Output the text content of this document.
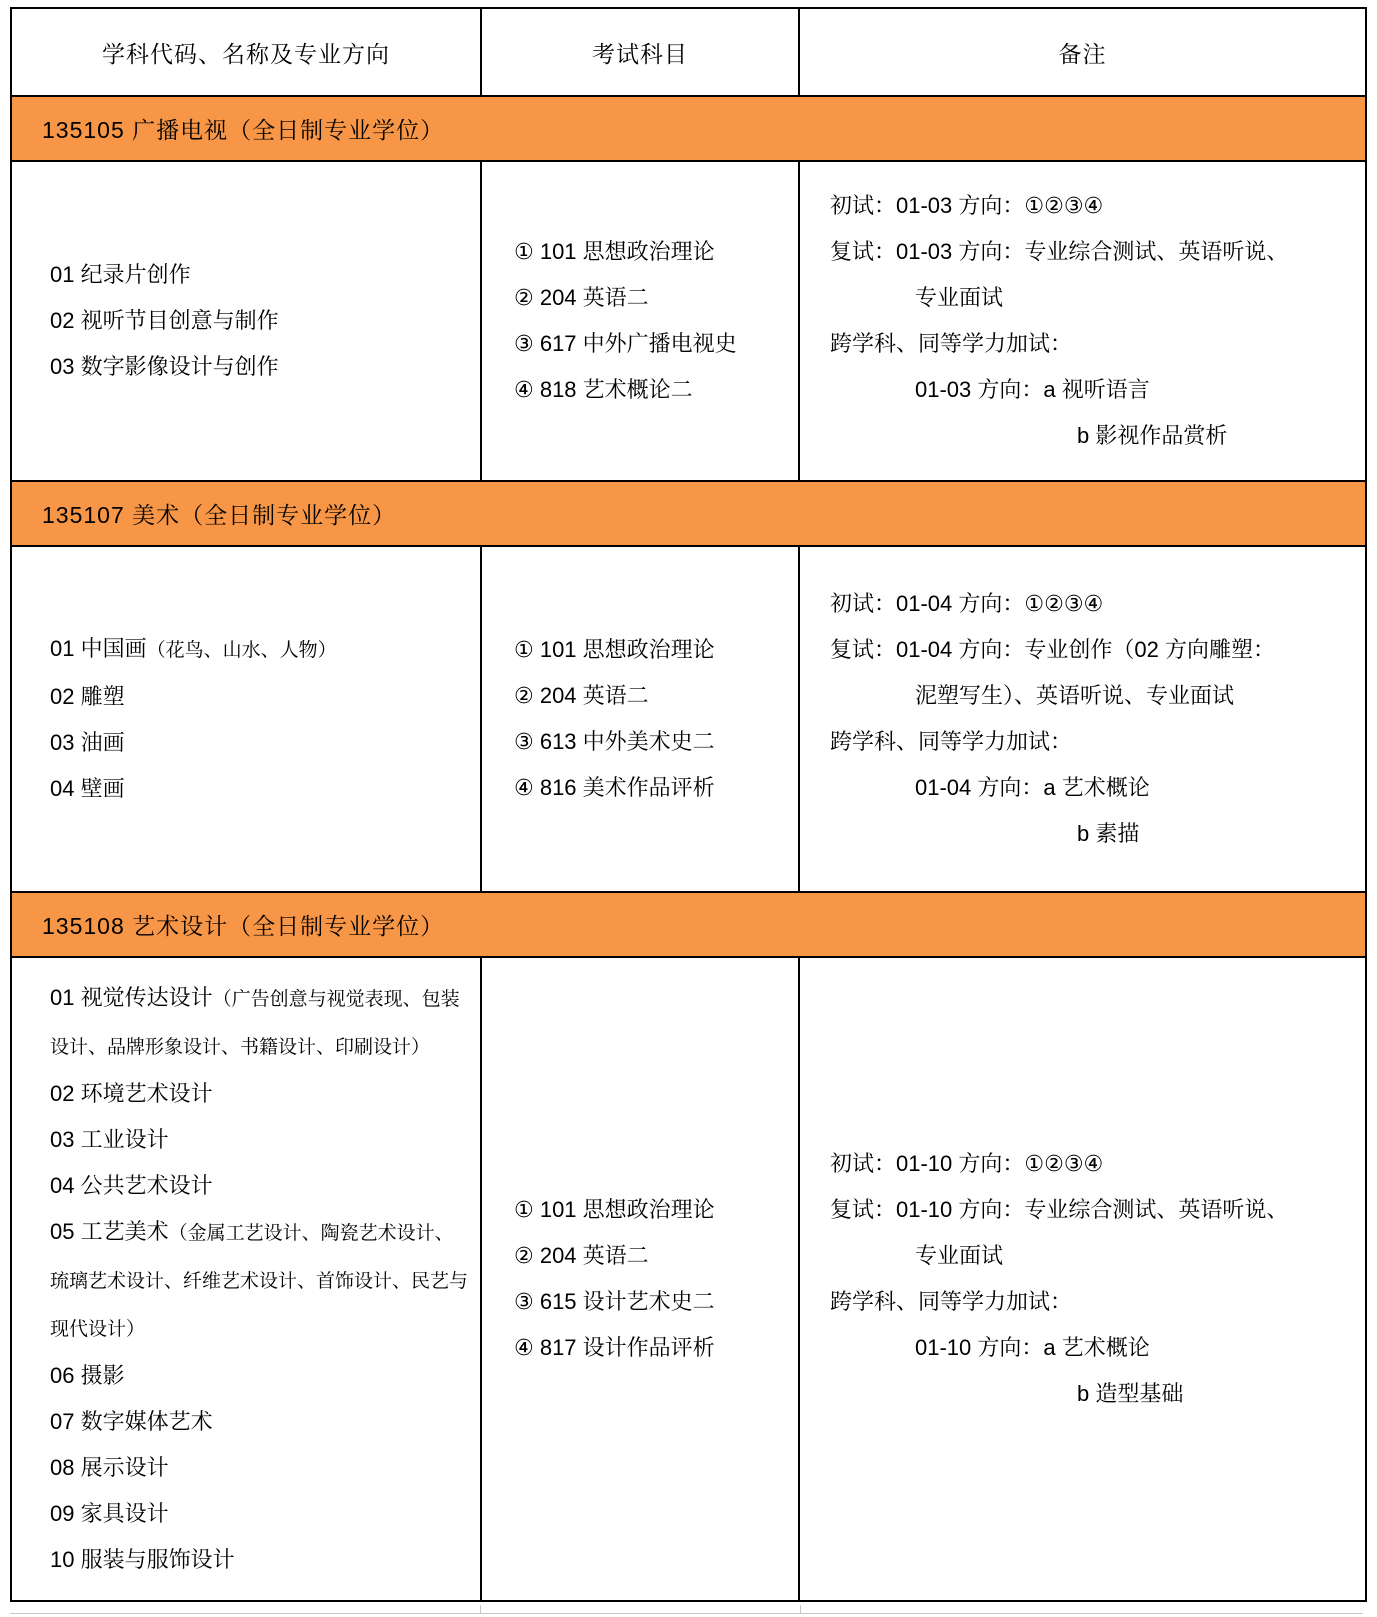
学科代码、名称及专业方向	考试科目	备注
135105 广播电视（全日制专业学位）
01 纪录片创作
02 视听节目创意与制作
03 数字影像设计与创作
① 101 思想政治理论
② 204 英语二
③ 617 中外广播电视史
④ 818 艺术概论二
初试：01-03 方向：①②③④
复试：01-03 方向：专业综合测试、英语听说、
专业面试
跨学科、同等学力加试：
01-03 方向：a 视听语言
b 影视作品赏析
135107 美术（全日制专业学位）
01 中国画（花鸟、山水、人物）
02 雕塑
03 油画
04 壁画
① 101 思想政治理论
② 204 英语二
③ 613 中外美术史二
④ 816 美术作品评析
初试：01-04 方向：①②③④
复试：01-04 方向：专业创作（02 方向雕塑：
泥塑写生）、英语听说、专业面试
跨学科、同等学力加试：
01-04 方向：a 艺术概论
b 素描
135108 艺术设计（全日制专业学位）
01 视觉传达设计（广告创意与视觉表现、包装设计、品牌形象设计、书籍设计、印刷设计）
02 环境艺术设计
03 工业设计
04 公共艺术设计
05 工艺美术（金属工艺设计、陶瓷艺术设计、琉璃艺术设计、纤维艺术设计、首饰设计、民艺与现代设计）
06 摄影
07 数字媒体艺术
08 展示设计
09 家具设计
10 服装与服饰设计
① 101 思想政治理论
② 204 英语二
③ 615 设计艺术史二
④ 817 设计作品评析
初试：01-10 方向：①②③④
复试：01-10 方向：专业综合测试、英语听说、
专业面试
跨学科、同等学力加试：
01-10 方向：a 艺术概论
b 造型基础
